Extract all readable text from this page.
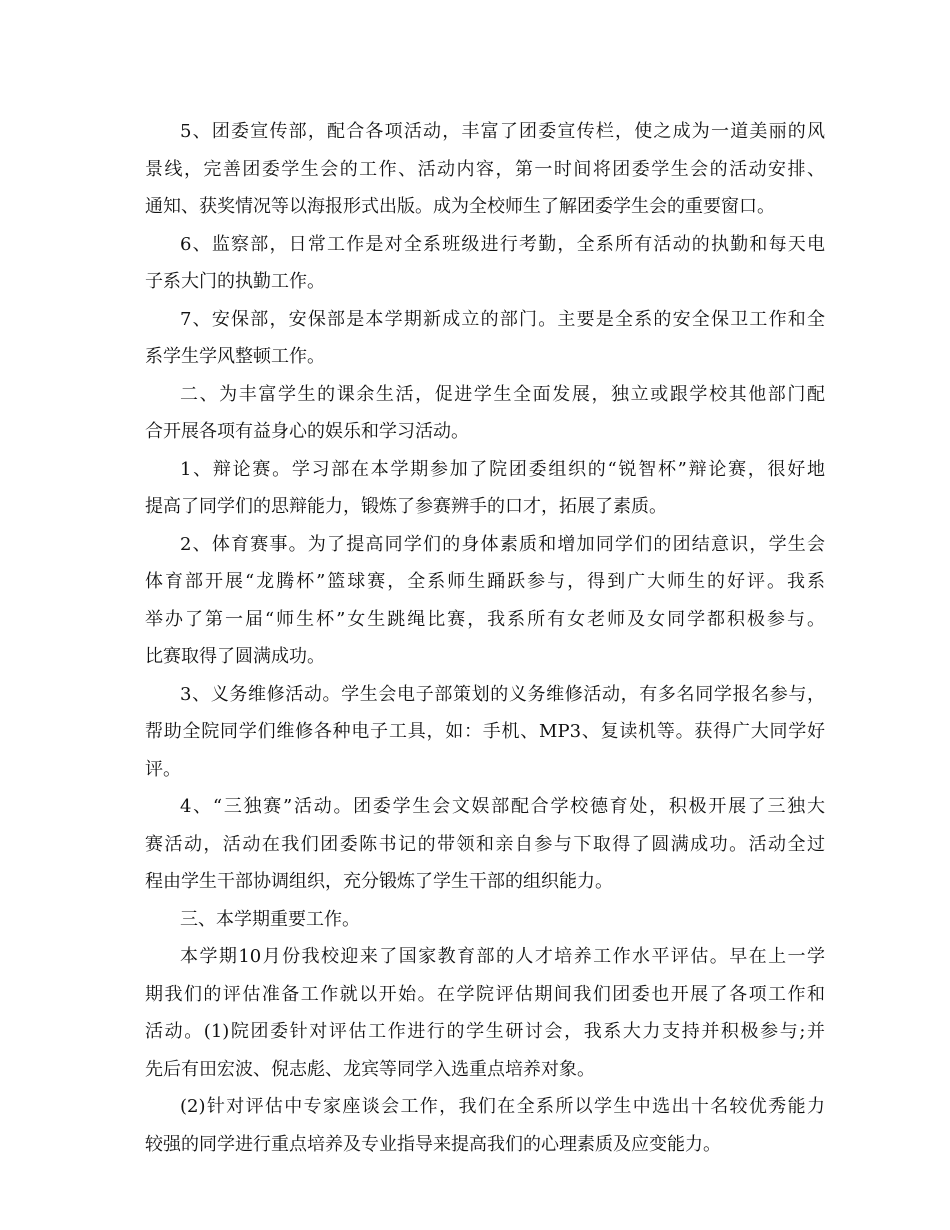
5、团委宣传部，配合各项活动，丰富了团委宣传栏，使之成为一道美丽的风
景线，完善团委学生会的工作、活动内容，第一时间将团委学生会的活动安排、
通知、获奖情况等以海报形式出版。成为全校师生了解团委学生会的重要窗口。
6、监察部，日常工作是对全系班级进行考勤，全系所有活动的执勤和每天电
子系大门的执勤工作。
7、安保部，安保部是本学期新成立的部门。主要是全系的安全保卫工作和全
系学生学风整顿工作。
二、为丰富学生的课余生活，促进学生全面发展，独立或跟学校其他部门配
合开展各项有益身心的娱乐和学习活动。
1、辩论赛。学习部在本学期参加了院团委组织的“锐智杯”辩论赛，很好地
提高了同学们的思辩能力，锻炼了参赛辨手的口才，拓展了素质。
2、体育赛事。为了提高同学们的身体素质和增加同学们的团结意识，学生会
体育部开展“龙腾杯”篮球赛，全系师生踊跃参与，得到广大师生的好评。我系
举办了第一届“师生杯”女生跳绳比赛，我系所有女老师及女同学都积极参与。
比赛取得了圆满成功。
3、义务维修活动。学生会电子部策划的义务维修活动，有多名同学报名参与，
帮助全院同学们维修各种电子工具，如：手机、MP3、复读机等。获得广大同学好
评。
4、“三独赛”活动。团委学生会文娱部配合学校德育处，积极开展了三独大
赛活动，活动在我们团委陈书记的带领和亲自参与下取得了圆满成功。活动全过
程由学生干部协调组织，充分锻炼了学生干部的组织能力。
三、本学期重要工作。
本学期10月份我校迎来了国家教育部的人才培养工作水平评估。早在上一学
期我们的评估准备工作就以开始。在学院评估期间我们团委也开展了各项工作和
活动。(1)院团委针对评估工作进行的学生研讨会，我系大力支持并积极参与;并
先后有田宏波、倪志彪、龙宾等同学入选重点培养对象。
(2)针对评估中专家座谈会工作，我们在全系所以学生中选出十名较优秀能力
较强的同学进行重点培养及专业指导来提高我们的心理素质及应变能力。
